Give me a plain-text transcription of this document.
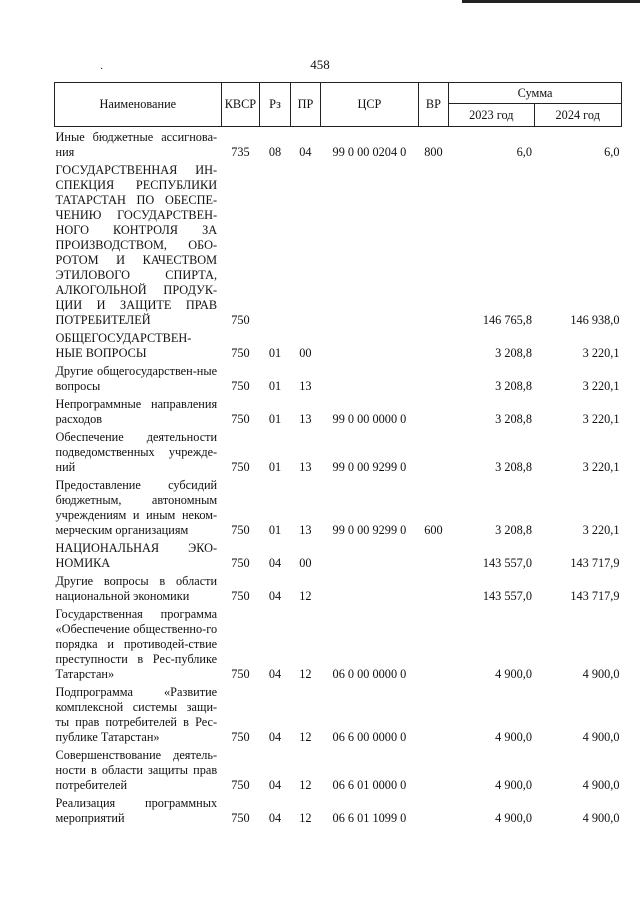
458
·
Наименование	КВСР	Рз	ПР	ЦСР	ВР	Сумма	
						2023 год	2024 год
Иные бюджетные ассигнова-ния	735	08	04	99 0 00 0204 0	800	6,0	6,0
ГОСУДАРСТВЕННАЯ ИН-СПЕКЦИЯ РЕСПУБЛИКИ ТАТАРСТАН ПО ОБЕСПЕ-ЧЕНИЮ ГОСУДАРСТВЕН-НОГО КОНТРОЛЯ ЗА ПРОИЗВОДСТВОМ, ОБО-РОТОМ И КАЧЕСТВОМ ЭТИЛОВОГО СПИРТА, АЛКОГОЛЬНОЙ ПРОДУК-ЦИИ И ЗАЩИТЕ ПРАВ ПОТРЕБИТЕЛЕЙ	750					146 765,8	146 938,0
ОБЩЕГОСУДАРСТВЕН-НЫЕ ВОПРОСЫ	750	01	00			3 208,8	3 220,1
Другие общегосударствен-ные вопросы	750	01	13			3 208,8	3 220,1
Непрограммные направления расходов	750	01	13	99 0 00 0000 0		3 208,8	3 220,1
Обеспечение деятельности подведомственных учрежде-ний	750	01	13	99 0 00 9299 0		3 208,8	3 220,1
Предоставление субсидий бюджетным, автономным учреждениям и иным неком-мерческим организациям	750	01	13	99 0 00 9299 0	600	3 208,8	3 220,1
НАЦИОНАЛЬНАЯ ЭКО-НОМИКА	750	04	00			143 557,0	143 717,9
Другие вопросы в области национальной экономики	750	04	12			143 557,0	143 717,9
Государственная программа «Обеспечение общественно-го порядка и противодей-ствие преступности в Рес-публике Татарстан»	750	04	12	06 0 00 0000 0		4 900,0	4 900,0
Подпрограмма «Развитие комплексной системы защи-ты прав потребителей в Рес-публике Татарстан»	750	04	12	06 6 00 0000 0		4 900,0	4 900,0
Совершенствование деятель-ности в области защиты прав потребителей	750	04	12	06 6 01 0000 0		4 900,0	4 900,0
Реализация программных мероприятий	750	04	12	06 6 01 1099 0		4 900,0	4 900,0
